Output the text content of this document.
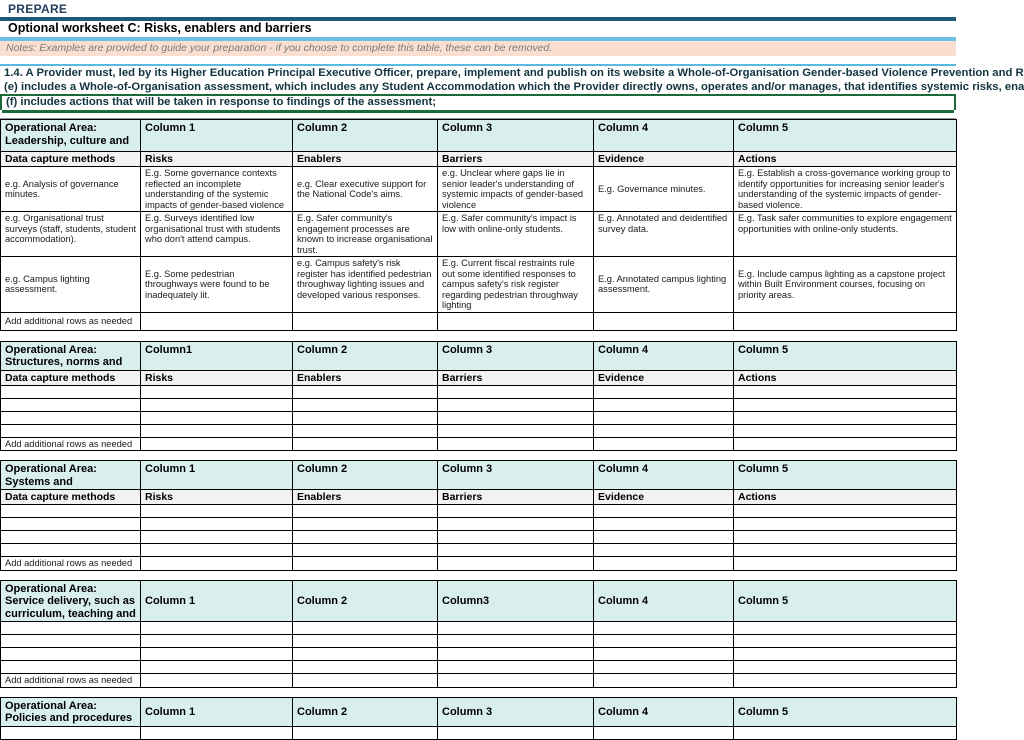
PREPARE
Optional worksheet C: Risks, enablers and barriers
Notes: Examples are provided to guide your preparation - if you choose to complete this table, these can be removed.
1.4. A Provider must, led by its Higher Education Principal Executive Officer, prepare, implement and publish on its website a Whole-of-Organisation Gender-based Violence Prevention and R
(e) includes a Whole-of-Organisation assessment, which includes any Student Accommodation which the Provider directly owns, operates and/or manages, that identifies systemic risks, ena
(f) includes actions that will be taken in response to findings of the assessment;
Operational Area: Leadership, culture and	Column 1	Column 2	Column 3	Column 4	Column 5
Data capture methods	Risks	Enablers	Barriers	Evidence	Actions
e.g. Analysis of governance minutes.	E.g. Some governance contexts reflected an incomplete understanding of the systemic impacts of gender-based violence	e.g. Clear executive support for the National Code's aims.	e.g. Unclear where gaps lie in senior leader's understanding of systemic impacts of gender-based violence	E.g. Governance minutes.	E.g. Establish a cross-governance working group to identify opportunities for increasing senior leader's understanding of the systemic impacts of gender-based violence.
e.g. Organisational trust surveys (staff, students, student accommodation).	E.g. Surveys identified low organisational trust with students who don't attend campus.	E.g. Safer community's engagement processes are known to increase organisational trust.	E.g. Safer community's impact is low with online-only students.	E.g. Annotated and deidentified survey data.	E.g. Task safer communities to explore engagement opportunities with online-only students.
e.g. Campus lighting assessment.	E.g. Some pedestrian throughways were found to be inadequately lit.	e.g. Campus safety's risk register has identified pedestrian throughway lighting issues and developed various responses.	E.g. Current fiscal restraints rule out some identified responses to campus safety's risk register regarding pedestrian throughway lighting	E.g. Annotated campus lighting assessment.	E.g. Include campus lighting as a capstone project within Built Environment courses, focusing on priority areas.
Add additional rows as needed					
Operational Area: Structures, norms and	Column1	Column 2	Column 3	Column 4	Column 5
Data capture methods	Risks	Enablers	Barriers	Evidence	Actions

Add additional rows as needed					
Operational Area: Systems and	Column 1	Column 2	Column 3	Column 4	Column 5
Data capture methods	Risks	Enablers	Barriers	Evidence	Actions

Add additional rows as needed					
Operational Area: Service delivery, such as curriculum, teaching and	Column 1	Column 2	Column3	Column 4	Column 5

Add additional rows as needed					
Operational Area: Policies and procedures	Column 1	Column 2	Column 3	Column 4	Column 5
